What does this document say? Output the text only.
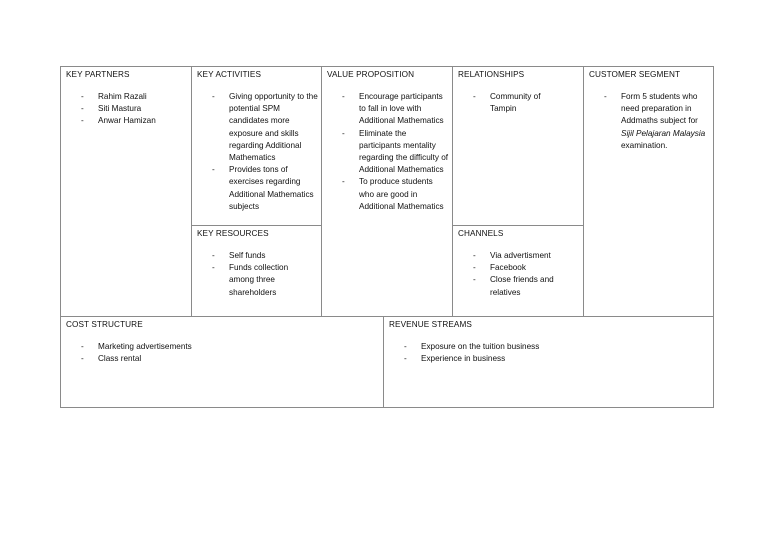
KEY PARTNERS
- Rahim Razali
- Siti Mastura
- Anwar Hamizan
KEY ACTIVITIES
- Giving opportunity to the potential SPM candidates more exposure and skills regarding Additional Mathematics
- Provides tons of exercises regarding Additional Mathematics subjects
KEY RESOURCES
- Self funds
- Funds collection among three shareholders
VALUE PROPOSITION
- Encourage participants to fall in love with Additional Mathematics
- Eliminate the participants mentality regarding the difficulty of Additional Mathematics
- To produce students who are good in Additional Mathematics
RELATIONSHIPS
- Community of Tampin
CHANNELS
- Via advertisment
- Facebook
- Close friends and relatives
CUSTOMER SEGMENT
- Form 5 students who need preparation in Addmaths subject for Sijil Pelajaran Malaysia examination.
COST STRUCTURE
- Marketing advertisements
- Class rental
REVENUE STREAMS
- Exposure on the tuition business
- Experience in business
